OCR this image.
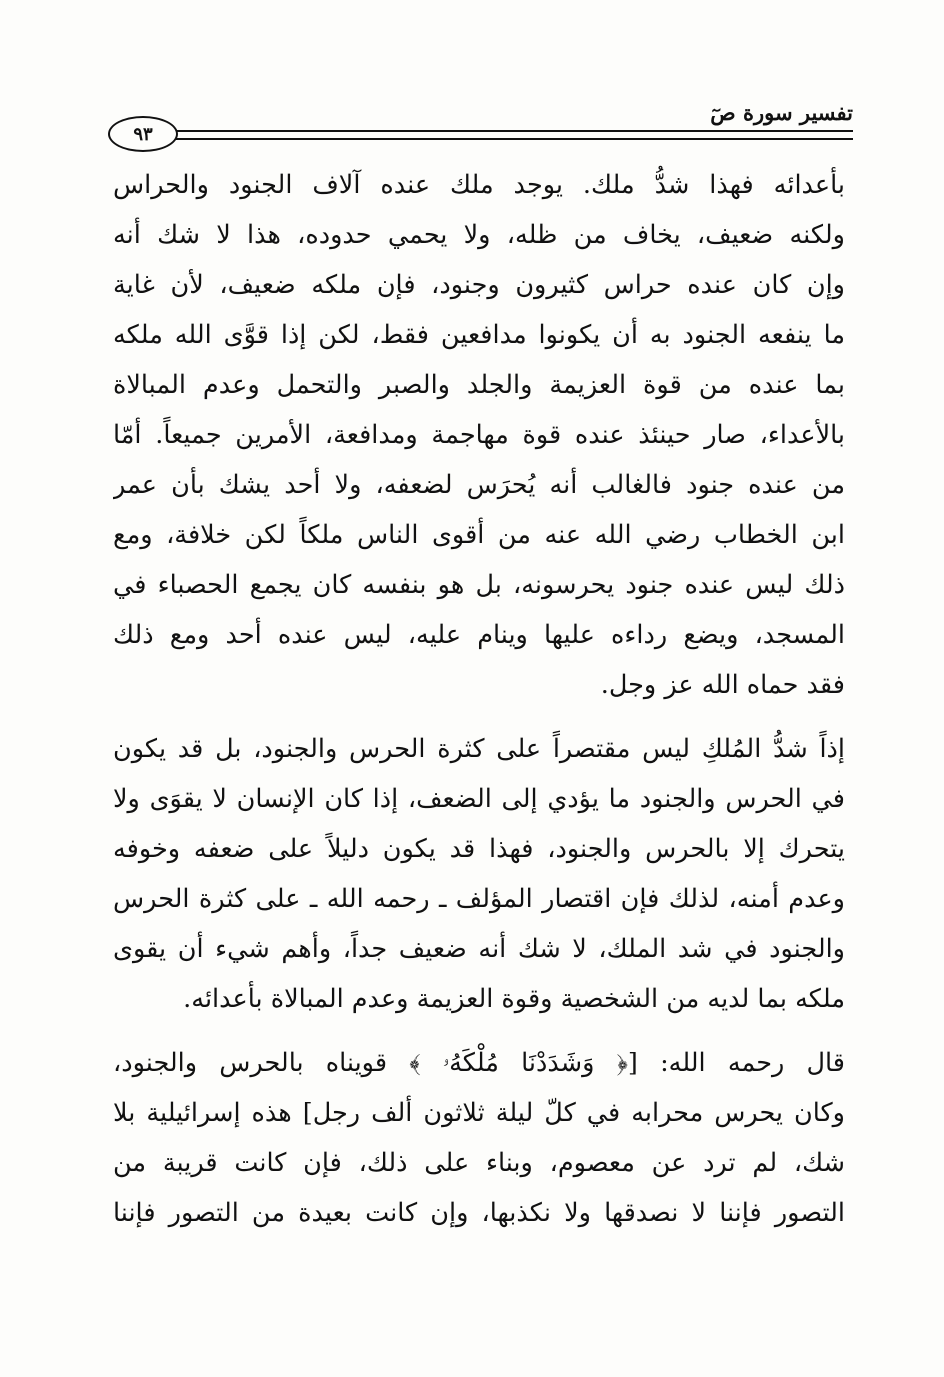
تفسير سورة صٓ
٩٣
بأعدائه فهذا شدُّ ملك. يوجد ملك عنده آلاف الجنود والحراس
ولكنه ضعيف، يخاف من ظله، ولا يحمي حدوده، هذا لا شك أنه
وإن كان عنده حراس كثيرون وجنود، فإن ملكه ضعيف، لأن غاية
ما ينفعه الجنود به أن يكونوا مدافعين فقط، لكن إذا قوَّى الله ملكه
بما عنده من قوة العزيمة والجلد والصبر والتحمل وعدم المبالاة
بالأعداء، صار حينئذ عنده قوة مهاجمة ومدافعة، الأمرين جميعاً. أمّا
من عنده جنود فالغالب أنه يُحرَس لضعفه، ولا أحد يشك بأن عمر
ابن الخطاب رضي الله عنه من أقوى الناس ملكاً لكن خلافة، ومع
ذلك ليس عنده جنود يحرسونه، بل هو بنفسه كان يجمع الحصباء في
المسجد، ويضع رداءه عليها وينام عليه، ليس عنده أحد ومع ذلك
فقد حماه الله عز وجل.
إذاً شدُّ المُلكِ ليس مقتصراً على كثرة الحرس والجنود، بل قد يكون
في الحرس والجنود ما يؤدي إلى الضعف، إذا كان الإنسان لا يقوَى ولا
يتحرك إلا بالحرس والجنود، فهذا قد يكون دليلاً على ضعفه وخوفه
وعدم أمنه، لذلك فإن اقتصار المؤلف ـ رحمه الله ـ على كثرة الحرس
والجنود في شد الملك، لا شك أنه ضعيف جداً، وأهم شيء أن يقوى
ملكه بما لديه من الشخصية وقوة العزيمة وعدم المبالاة بأعدائه.
قال رحمه الله: [﴿ وَشَدَدْنَا مُلْكَهُۥ ﴾ قويناه بالحرس والجنود،
وكان يحرس محرابه في كلّ ليلة ثلاثون ألف رجل] هذه إسرائيلية بلا
شك، لم ترد عن معصوم، وبناء على ذلك، فإن كانت قريبة من
التصور فإننا لا نصدقها ولا نكذبها، وإن كانت بعيدة من التصور فإننا
